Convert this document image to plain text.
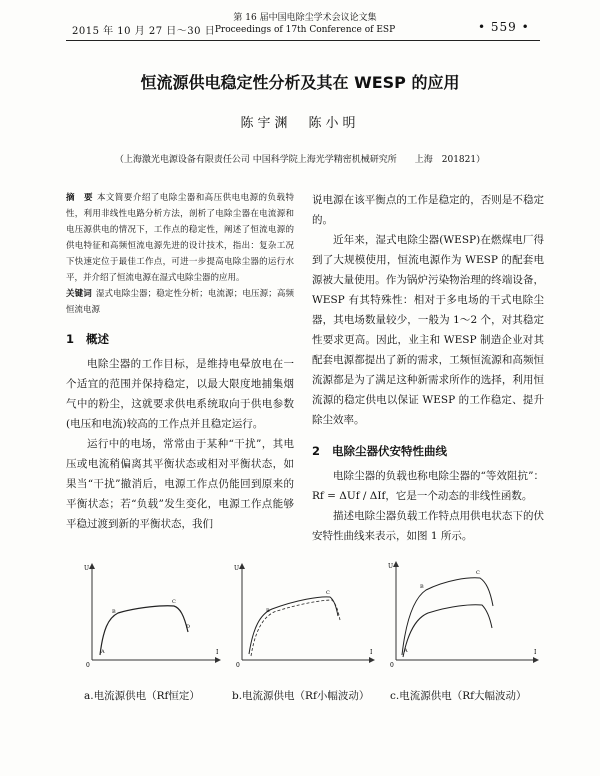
2015 年 10 月 27 日～30 日
第 16 届中国电除尘学术会议论文集
Proceedings of 17th Conference of ESP	• 559 •
恒流源供电稳定性分析及其在 WESP 的应用
陈宇渊　陈小明
（上海激光电源设备有限责任公司 中国科学院上海光学精密机械研究所　　上海　201821）

摘　要 本文简要介绍了电除尘器和高压供电电源的负载特性，利用非线性电路分析方法，剖析了电除尘器在电流源和电压源供电的情况下，工作点的稳定性，阐述了恒流电源的供电特征和高频恒流电源先进的设计技术，指出：复杂工况下快速定位于最佳工作点，可进一步提高电除尘器的运行水平，并介绍了恒流电源在湿式电除尘器的应用。

关键词 湿式电除尘器；稳定性分析；电流源；电压源；高频恒流电源

1 概述

电除尘器的工作目标，是维持电晕放电在一个适宜的范围并保持稳定，以最大限度地捕集烟气中的粉尘，这就要求供电系统取向于供电参数(电压和电流)较高的工作点并且稳定运行。

运行中的电场，常常由于某种“干扰”，其电压或电流稍偏离其平衡状态或相对平衡状态，如果当“干扰”撤消后，电源工作点仍能回到原来的平衡状态；若“负载”发生变化，电源工作点能够平稳过渡到新的平衡状态，我们

说电源在该平衡点的工作是稳定的，否则是不稳定的。

近年来，湿式电除尘器(WESP)在燃煤电厂得到了大规模使用，恒流电源作为 WESP 的配套电源被大量使用。作为锅炉污染物治理的终端设备，WESP 有其特殊性：相对于多电场的干式电除尘器，其电场数量较少，一般为 1～2 个，对其稳定性要求更高。因此，业主和 WESP 制造企业对其配套电源都提出了新的需求，工频恒流源和高频恒流源都是为了满足这种新需求所作的选择，利用恒流源的稳定供电以保证 WESP 的工作稳定、提升除尘效率。

2 电除尘器伏安特性曲线

电除尘器的负载也称电除尘器的“等效阻抗”：Rf = ΔUf / ΔIf，它是一个动态的非线性函数。

描述电除尘器负载工作特点用供电状态下的伏安特性曲线来表示，如图 1 所示。

U
I
0
A
B
C
D
U
I
0
B
C
U
I
0
A
B
C
a.电流源供电（Rf恒定）	b.电流源供电（Rf小幅波动） c.电流源供电（Rf大幅波动）
